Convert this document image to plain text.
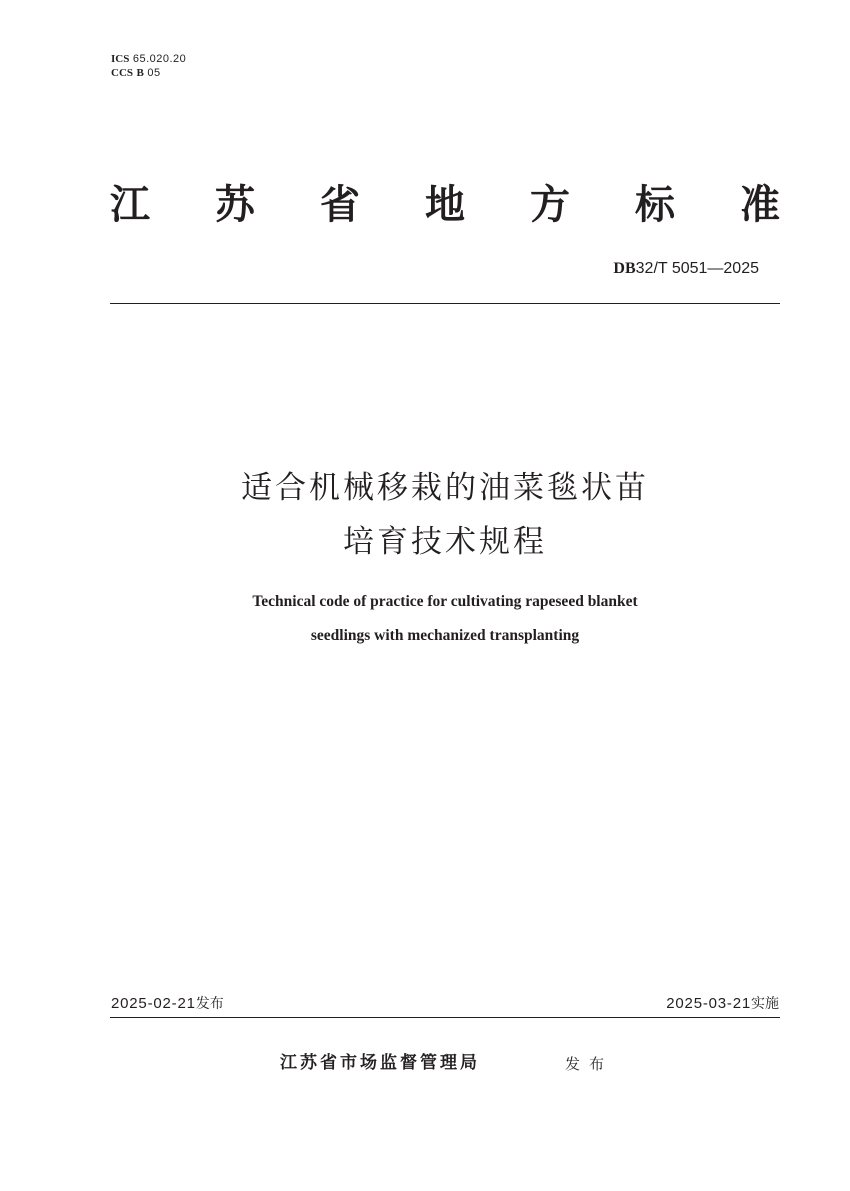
ICS 65.020.20
CCS B 05
江 苏 省 地 方 标 准
DB32/T 5051—2025
适合机械移栽的油菜毯状苗
培育技术规程
Technical code of practice for cultivating rapeseed blanket
seedlings with mechanized transplanting
2025-02-21发布	2025-03-21实施
江苏省市场监督管理局	发布
